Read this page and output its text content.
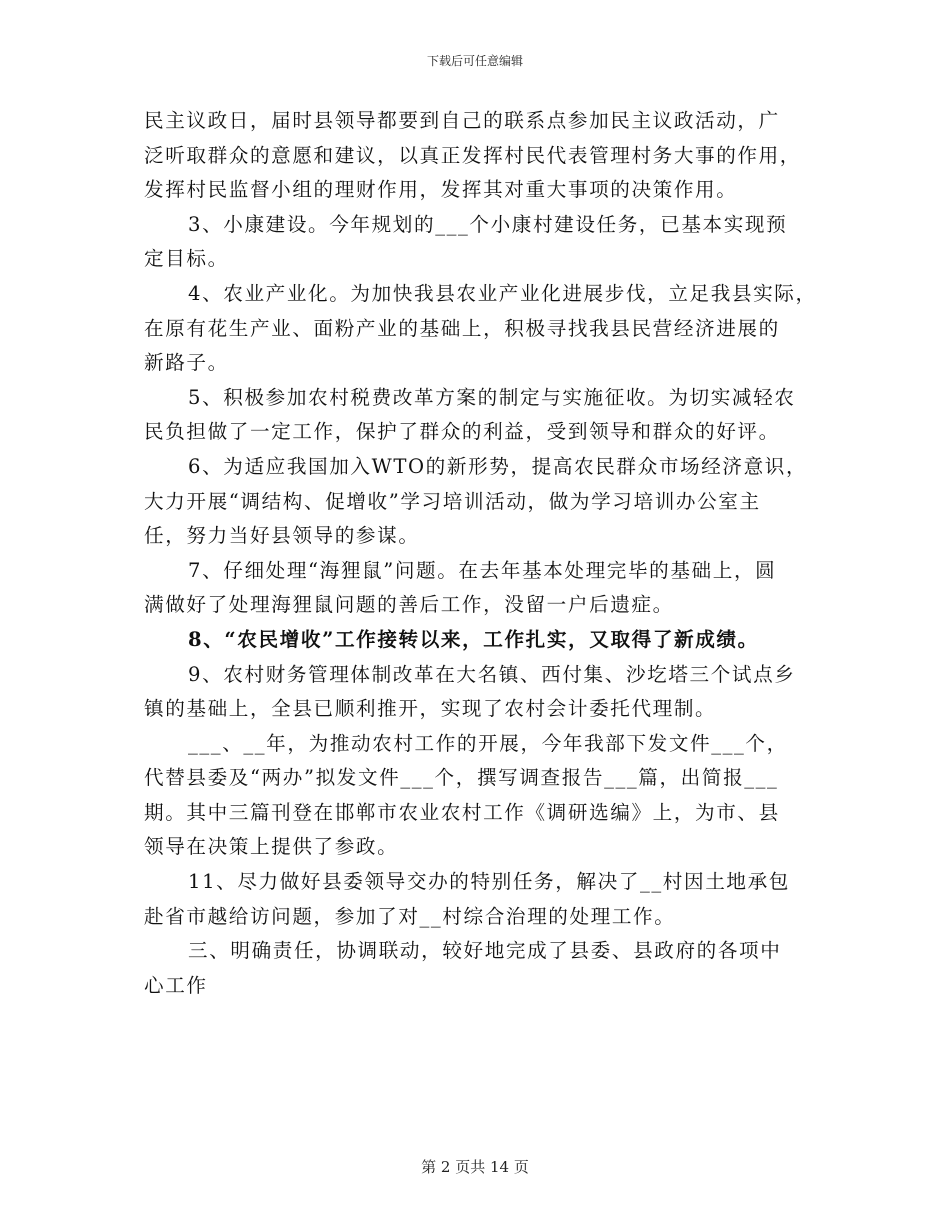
下载后可任意编辑
民主议政日，届时县领导都要到自己的联系点参加民主议政活动，广
泛听取群众的意愿和建议，以真正发挥村民代表管理村务大事的作用，
发挥村民监督小组的理财作用，发挥其对重大事项的决策作用。
3、小康建设。今年规划的___个小康村建设任务，已基本实现预
定目标。
4、农业产业化。为加快我县农业产业化进展步伐，立足我县实际，
在原有花生产业、面粉产业的基础上，积极寻找我县民营经济进展的
新路子。
5、积极参加农村税费改革方案的制定与实施征收。为切实减轻农
民负担做了一定工作，保护了群众的利益，受到领导和群众的好评。
6、为适应我国加入WTO的新形势，提高农民群众市场经济意识，
大力开展“调结构、促增收”学习培训活动，做为学习培训办公室主
任，努力当好县领导的参谋。
7、仔细处理“海狸鼠”问题。在去年基本处理完毕的基础上，圆
满做好了处理海狸鼠问题的善后工作，没留一户后遗症。
8、“农民增收”工作接转以来，工作扎实，又取得了新成绩。
9、农村财务管理体制改革在大名镇、西付集、沙圪塔三个试点乡
镇的基础上，全县已顺利推开，实现了农村会计委托代理制。
___、__年，为推动农村工作的开展，今年我部下发文件___个，
代替县委及“两办”拟发文件___个，撰写调查报告___篇，出简报___
期。其中三篇刊登在邯郸市农业农村工作《调研选编》上，为市、县
领导在决策上提供了参政。
11、尽力做好县委领导交办的特别任务，解决了__村因土地承包
赴省市越给访问题，参加了对__村综合治理的处理工作。
三、明确责任，协调联动，较好地完成了县委、县政府的各项中
心工作
第 2 页共 14 页
